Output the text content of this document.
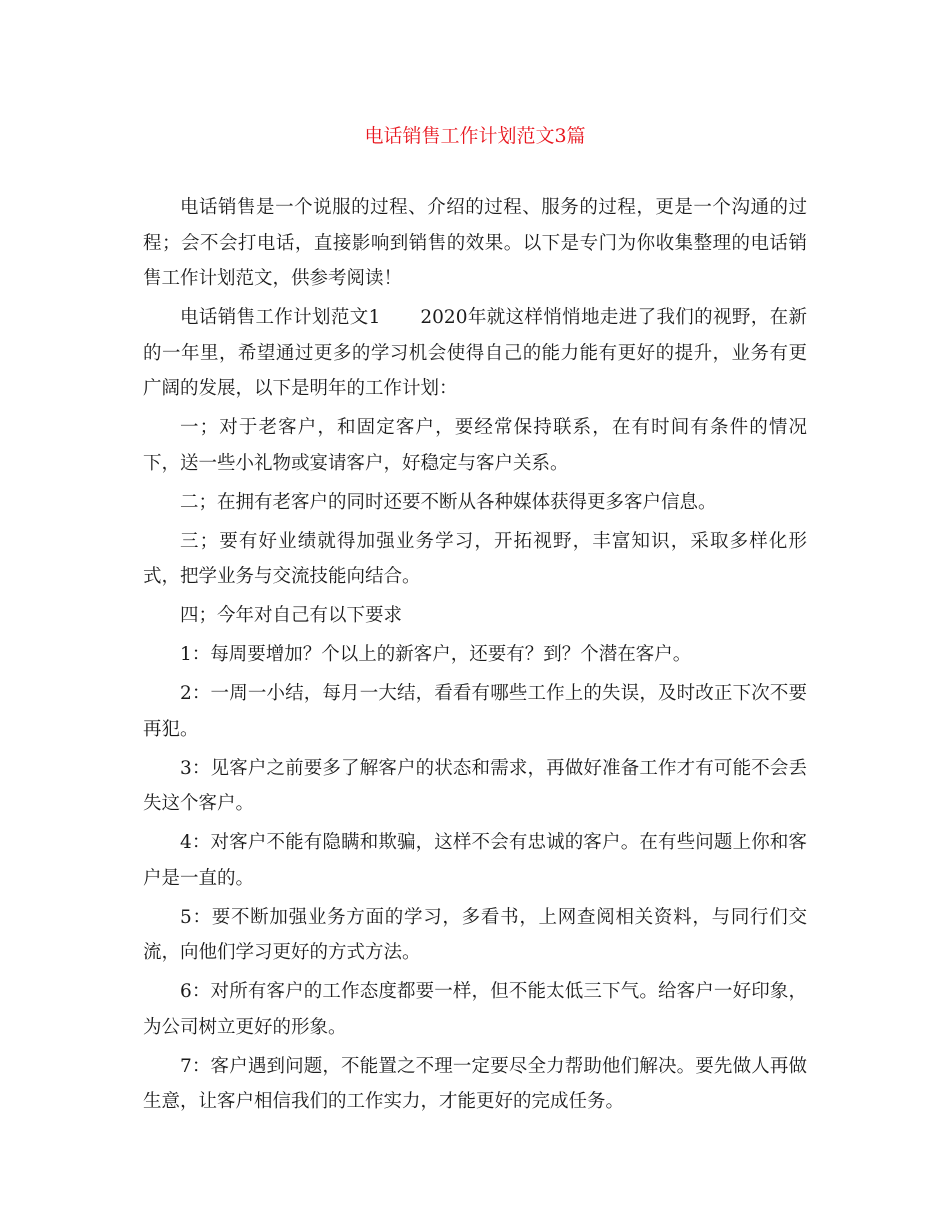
电话销售工作计划范文3篇

电话销售是一个说服的过程、介绍的过程、服务的过程，更是一个沟通的过程；会不会打电话，直接影响到销售的效果。以下是专门为你收集整理的电话销售工作计划范文，供参考阅读！

电话销售工作计划范文1 2020年就这样悄悄地走进了我们的视野，在新的一年里，希望通过更多的学习机会使得自己的能力能有更好的提升，业务有更广阔的发展，以下是明年的工作计划：

一；对于老客户，和固定客户，要经常保持联系，在有时间有条件的情况下，送一些小礼物或宴请客户，好稳定与客户关系。

二；在拥有老客户的同时还要不断从各种媒体获得更多客户信息。

三；要有好业绩就得加强业务学习，开拓视野，丰富知识，采取多样化形式，把学业务与交流技能向结合。

四；今年对自己有以下要求

1：每周要增加？个以上的新客户，还要有？到？个潜在客户。

2：一周一小结，每月一大结，看看有哪些工作上的失误，及时改正下次不要再犯。

3：见客户之前要多了解客户的状态和需求，再做好准备工作才有可能不会丢失这个客户。

4：对客户不能有隐瞒和欺骗，这样不会有忠诚的客户。在有些问题上你和客户是一直的。

5：要不断加强业务方面的学习，多看书，上网查阅相关资料，与同行们交流，向他们学习更好的方式方法。

6：对所有客户的工作态度都要一样，但不能太低三下气。给客户一好印象，为公司树立更好的形象。

7：客户遇到问题，不能置之不理一定要尽全力帮助他们解决。要先做人再做生意，让客户相信我们的工作实力，才能更好的完成任务。
